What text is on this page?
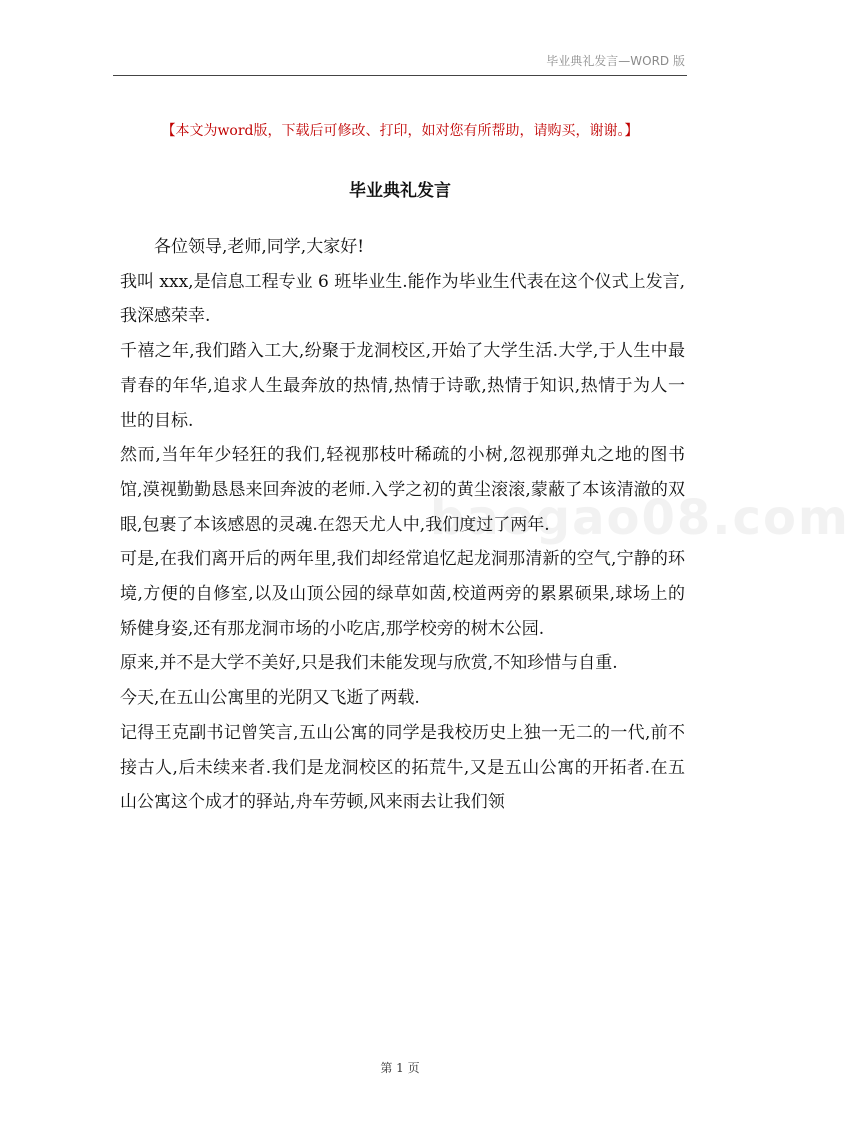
毕业典礼发言—WORD 版
【本文为word版，下载后可修改、打印，如对您有所帮助，请购买，谢谢。】
毕业典礼发言
baogao08.com

各位领导,老师,同学,大家好!

我叫 xxx,是信息工程专业 6 班毕业生.能作为毕业生代表在这个仪式上发言,我深感荣幸.

千禧之年,我们踏入工大,纷聚于龙洞校区,开始了大学生活.大学,于人生中最青春的年华,追求人生最奔放的热情,热情于诗歌,热情于知识,热情于为人一世的目标.

然而,当年年少轻狂的我们,轻视那枝叶稀疏的小树,忽视那弹丸之地的图书馆,漠视勤勤恳恳来回奔波的老师.入学之初的黄尘滚滚,蒙蔽了本该清澈的双眼,包裹了本该感恩的灵魂.在怨天尤人中,我们度过了两年.

可是,在我们离开后的两年里,我们却经常追忆起龙洞那清新的空气,宁静的环境,方便的自修室,以及山顶公园的绿草如茵,校道两旁的累累硕果,球场上的矫健身姿,还有那龙洞市场的小吃店,那学校旁的树木公园.

原来,并不是大学不美好,只是我们未能发现与欣赏,不知珍惜与自重.

今天,在五山公寓里的光阴又飞逝了两载.

记得王克副书记曾笑言,五山公寓的同学是我校历史上独一无二的一代,前不接古人,后未续来者.我们是龙洞校区的拓荒牛,又是五山公寓的开拓者.在五山公寓这个成才的驿站,舟车劳顿,风来雨去让我们领

第 1 页
